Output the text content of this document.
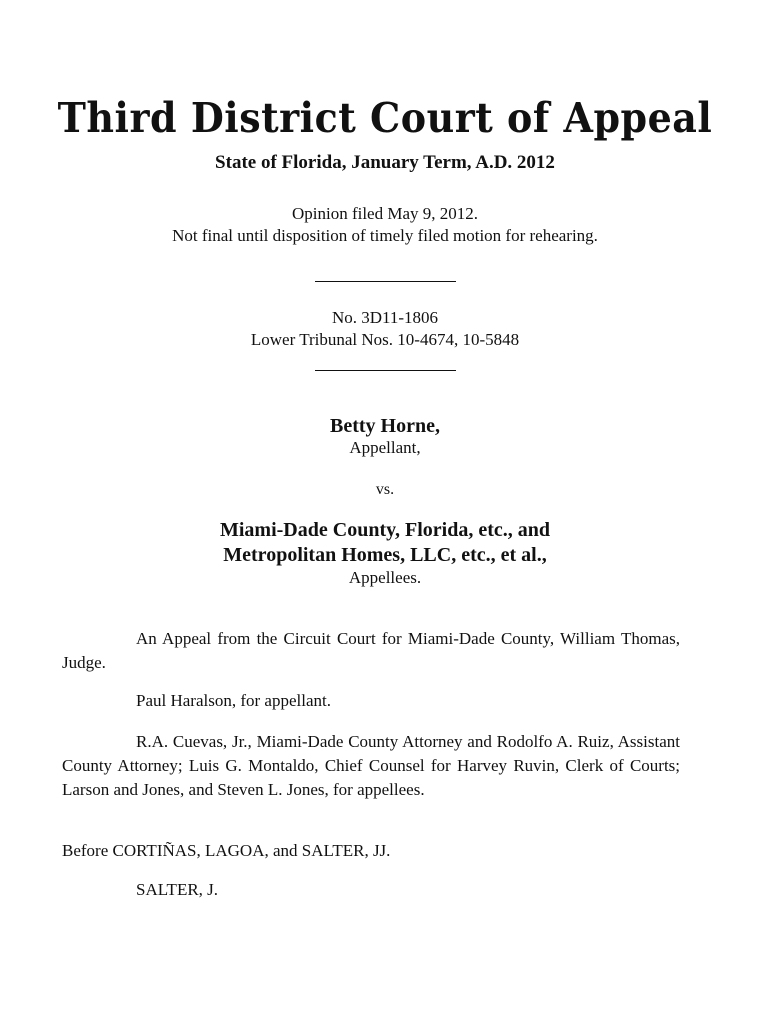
Third District Court of Appeal
State of Florida, January Term, A.D. 2012
Opinion filed May 9, 2012.
Not final until disposition of timely filed motion for rehearing.
No. 3D11-1806
Lower Tribunal Nos. 10-4674, 10-5848
Betty Horne,
Appellant,
vs.
Miami-Dade County, Florida, etc., and
Metropolitan Homes, LLC, etc., et al.,
Appellees.

An Appeal from the Circuit Court for Miami-Dade County, William Thomas, Judge.

Paul Haralson, for appellant.

R.A. Cuevas, Jr., Miami-Dade County Attorney and Rodolfo A. Ruiz, Assistant County Attorney; Luis G. Montaldo, Chief Counsel for Harvey Ruvin, Clerk of Courts; Larson and Jones, and Steven L. Jones, for appellees.

Before CORTIÑAS, LAGOA, and SALTER, JJ.

SALTER, J.
